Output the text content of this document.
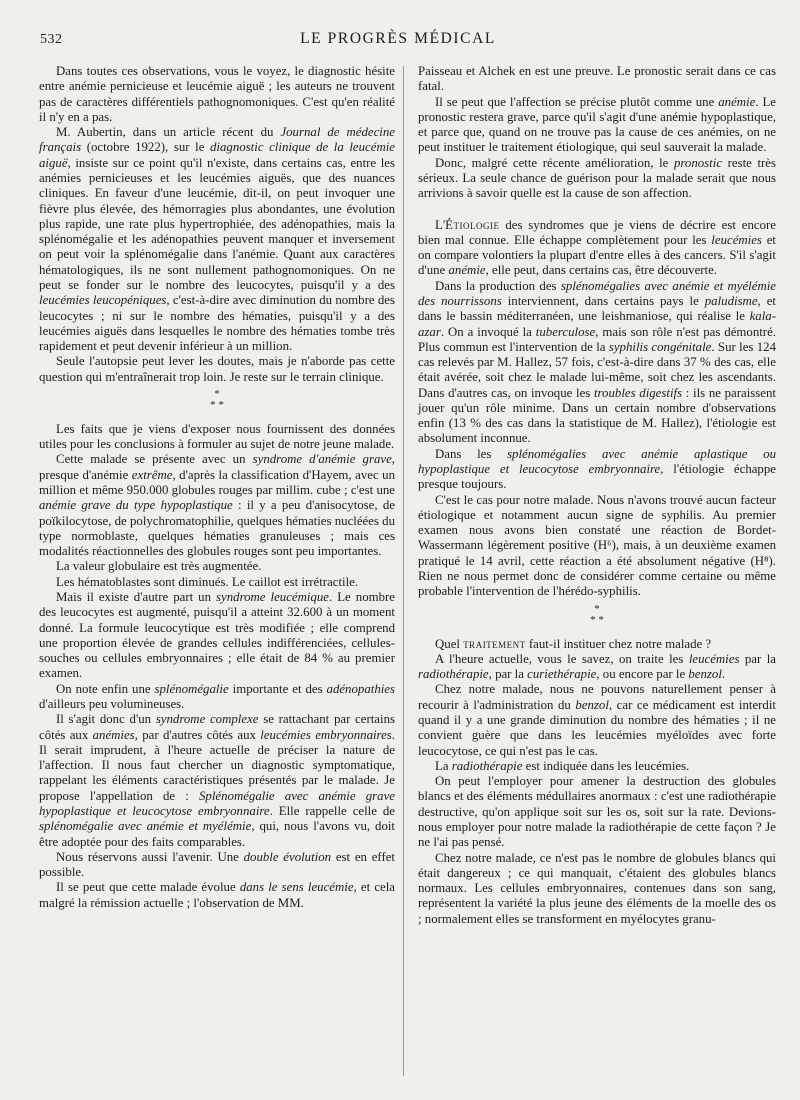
532	LE PROGRÈS MÉDICAL

Dans toutes ces observations, vous le voyez, le diagnostic hésite entre anémie pernicieuse et leucémie aiguë ; les auteurs ne trouvent pas de caractères différentiels pathognomoniques. C'est qu'en réalité il n'y en a pas.

M. Aubertin, dans un article récent du Journal de médecine français (octobre 1922), sur le diagnostic clinique de la leucémie aiguë, insiste sur ce point qu'il n'existe, dans certains cas, entre les anémies pernicieuses et les leucémies aiguës, que des nuances cliniques. En faveur d'une leucémie, dit-il, on peut invoquer une fièvre plus élevée, des hémorragies plus abondantes, une évolution plus rapide, une rate plus hypertrophiée, des adénopathies, mais la splénomégalie et les adénopathies peuvent manquer et inversement on peut voir la splénomégalie dans l'anémie. Quant aux caractères hématologiques, ils ne sont nullement pathognomoniques. On ne peut se fonder sur le nombre des leucocytes, puisqu'il y a des leucémies leucopéniques, c'est-à-dire avec diminution du nombre des leucocytes ; ni sur le nombre des hématies, puisqu'il y a des leucémies aiguës dans lesquelles le nombre des hématies tombe très rapidement et peut devenir inférieur à un million.

Seule l'autopsie peut lever les doutes, mais je n'aborde pas cette question qui m'entraînerait trop loin. Je reste sur le terrain clinique.

*
* *

Les faits que je viens d'exposer nous fournissent des données utiles pour les conclusions à formuler au sujet de notre jeune malade.

Cette malade se présente avec un syndrome d'anémie grave, presque d'anémie extrême, d'après la classification d'Hayem, avec un million et même 950.000 globules rouges par millim. cube ; c'est une anémie grave du type hypoplastique : il y a peu d'anisocytose, de poïkilocytose, de polychromatophilie, quelques hématies nucléées du type normoblaste, quelques hématies granuleuses ; mais ces modalités réactionnelles des globules rouges sont peu importantes.

La valeur globulaire est très augmentée.

Les hématoblastes sont diminués. Le caillot est irrétractile.

Mais il existe d'autre part un syndrome leucémique. Le nombre des leucocytes est augmenté, puisqu'il a atteint 32.600 à un moment donné. La formule leucocytique est très modifiée ; elle comprend une proportion élevée de grandes cellules indifférenciées, cellules-souches ou cellules embryonnaires ; elle était de 84 % au premier examen.

On note enfin une splénomégalie importante et des adénopathies d'ailleurs peu volumineuses.

Il s'agit donc d'un syndrome complexe se rattachant par certains côtés aux anémies, par d'autres côtés aux leucémies embryonnaires. Il serait imprudent, à l'heure actuelle de préciser la nature de l'affection. Il nous faut chercher un diagnostic symptomatique, rappelant les éléments caractéristiques présentés par le malade. Je propose l'appellation de : Splénomégalie avec anémie grave hypoplastique et leucocytose embryonnaire. Elle rappelle celle de splénomégalie avec anémie et myélémie, qui, nous l'avons vu, doit être adoptée pour des faits comparables.

Nous réservons aussi l'avenir. Une double évolution est en effet possible.

Il se peut que cette malade évolue dans le sens leucémie, et cela malgré la rémission actuelle ; l'observation de MM.

Paisseau et Alchek en est une preuve. Le pronostic serait dans ce cas fatal.

Il se peut que l'affection se précise plutôt comme une anémie. Le pronostic restera grave, parce qu'il s'agit d'une anémie hypoplastique, et parce que, quand on ne trouve pas la cause de ces anémies, on ne peut instituer le traitement étiologique, qui seul sauverait la malade.

Donc, malgré cette récente amélioration, le pronostic reste très sérieux. La seule chance de guérison pour la malade serait que nous arrivions à savoir quelle est la cause de son affection.

L'Étiologie des syndromes que je viens de décrire est encore bien mal connue. Elle échappe complètement pour les leucémies et on compare volontiers la plupart d'entre elles à des cancers. S'il s'agit d'une anémie, elle peut, dans certains cas, être découverte.

Dans la production des splénomégalies avec anémie et myélémie des nourrissons interviennent, dans certains pays le paludisme, et dans le bassin méditerranéen, une leishmaniose, qui réalise le kala-azar. On a invoqué la tuberculose, mais son rôle n'est pas démontré. Plus commun est l'intervention de la syphilis congénitale. Sur les 124 cas relevés par M. Hallez, 57 fois, c'est-à-dire dans 37 % des cas, elle était avérée, soit chez le malade lui-même, soit chez les ascendants. Dans d'autres cas, on invoque les troubles digestifs : ils ne paraissent jouer qu'un rôle minime. Dans un certain nombre d'observations enfin (13 % des cas dans la statistique de M. Hallez), l'étiologie est absolument inconnue.

Dans les splénomégalies avec anémie aplastique ou hypoplastique et leucocytose embryonnaire, l'étiologie échappe presque toujours.

C'est le cas pour notre malade. Nous n'avons trouvé aucun facteur étiologique et notamment aucun signe de syphilis. Au premier examen nous avons bien constaté une réaction de Bordet-Wassermann légèrement positive (H⁶), mais, à un deuxième examen pratiqué le 14 avril, cette réaction a été absolument négative (H⁸). Rien ne nous permet donc de considérer comme certaine ou même probable l'intervention de l'hérédo-syphilis.

*
* *

Quel traitement faut-il instituer chez notre malade ?

A l'heure actuelle, vous le savez, on traite les leucémies par la radiothérapie, par la curiethérapie, ou encore par le benzol.

Chez notre malade, nous ne pouvons naturellement penser à recourir à l'administration du benzol, car ce médicament est interdit quand il y a une grande diminution du nombre des hématies ; il ne convient guère que dans les leucémies myéloïdes avec forte leucocytose, ce qui n'est pas le cas.

La radiothérapie est indiquée dans les leucémies.

On peut l'employer pour amener la destruction des globules blancs et des éléments médullaires anormaux : c'est une radiothérapie destructive, qu'on applique soit sur les os, soit sur la rate. Devions-nous employer pour notre malade la radiothérapie de cette façon ? Je ne l'ai pas pensé.

Chez notre malade, ce n'est pas le nombre de globules blancs qui était dangereux ; ce qui manquait, c'étaient des globules blancs normaux. Les cellules embryonnaires, contenues dans son sang, représentent la variété la plus jeune des éléments de la moelle des os ; normalement elles se transforment en myélocytes granu-
